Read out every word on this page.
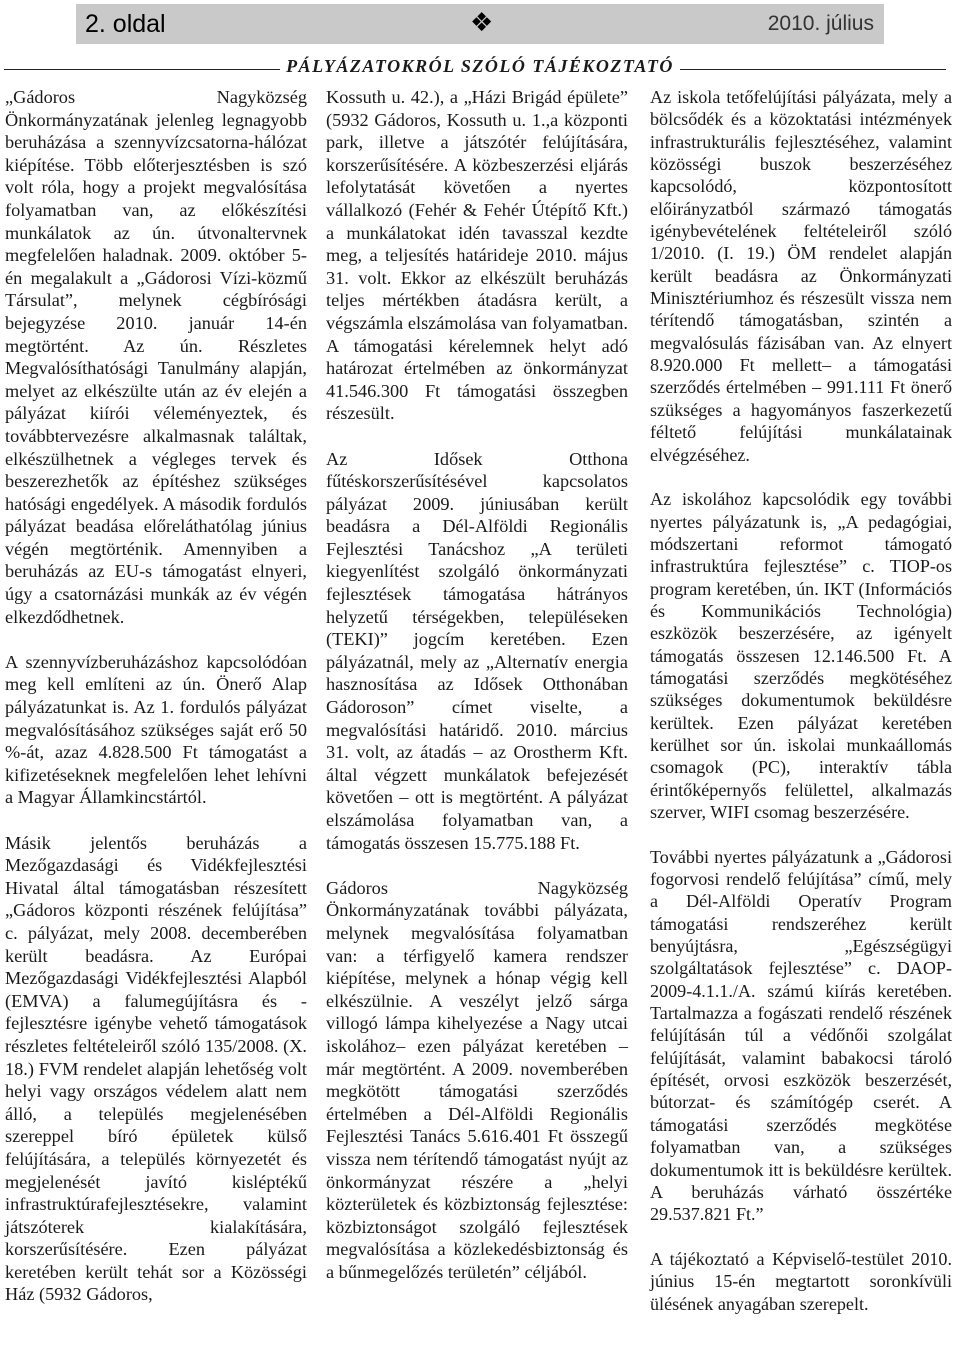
2. oldal	❖	2010. július
PÁLYÁZATOKRÓL SZÓLÓ TÁJÉKOZTATÓ

„Gádoros Nagyközség Önkormányzatának jelenleg legnagyobb beruházása a szennyvízcsatorna-hálózat kiépítése. Több előterjesztésben is szó volt róla, hogy a projekt megvalósítása folyamatban van, az előkészítési munkálatok az ún. útvonaltervnek megfelelően haladnak. 2009. október 5-én megalakult a „Gádorosi Vízi-közmű Társulat”, melynek cégbírósági bejegyzése 2010. január 14-én megtörtént. Az ún. Részletes Megvalósíthatósági Tanulmány alapján, melyet az elkészülte után az év elején a pályázat kiírói véleményeztek, és továbbtervezésre alkalmasnak találtak, elkészülhetnek a végleges tervek és beszerezhetők az építéshez szükséges hatósági engedélyek. A második fordulós pályázat beadása előreláthatólag június végén megtörténik. Amennyiben a beruházás az EU-s támogatást elnyeri, úgy a csatornázási munkák az év végén elkezdődhetnek.

A szennyvízberuházáshoz kapcsolódóan meg kell említeni az ún. Önerő Alap pályázatunkat is. Az 1. fordulós pályázat megvalósításához szükséges saját erő 50 %-át, azaz 4.828.500 Ft támogatást a kifizetéseknek megfelelően lehet lehívni a Magyar Államkincstártól.

Másik jelentős beruházás a Mezőgazdasági és Vidékfejlesztési Hivatal által támogatásban részesített „Gádoros központi részének felújítása” c. pályázat, mely 2008. decemberében került beadásra. Az Európai Mezőgazdasági Vidékfejlesztési Alapból (EMVA) a falumegújításra és -fejlesztésre igénybe vehető támogatások részletes feltételeiről szóló 135/2008. (X. 18.) FVM rendelet alapján lehetőség volt helyi vagy országos védelem alatt nem álló, a település megjelenésében szereppel bíró épületek külső felújítására, a település környezetét és megjelenését javító kisléptékű infrastruktúrafejlesztésekre, valamint játszóterek kialakítására, korszerűsítésére. Ezen pályázat keretében került tehát sor a Közösségi Ház (5932 Gádoros,

Kossuth u. 42.), a „Házi Brigád épülete” (5932 Gádoros, Kossuth u. 1.,a központi park, illetve a játszótér felújítására, korszerűsítésére. A közbeszerzési eljárás lefolytatását követően a nyertes vállalkozó (Fehér & Fehér Útépítő Kft.) a munkálatokat idén tavasszal kezdte meg, a teljesítés határideje 2010. május 31. volt. Ekkor az elkészült beruházás teljes mértékben átadásra került, a végszámla elszámolása van folyamatban. A támogatási kérelemnek helyt adó határozat értelmében az önkormányzat 41.546.300 Ft támogatási összegben részesült.

Az Idősek Otthona fűtéskorszerűsítésével kapcsolatos pályázat 2009. júniusában került beadásra a Dél-Alföldi Regionális Fejlesztési Tanácshoz „A területi kiegyenlítést szolgáló önkormányzati fejlesztések támogatása hátrányos helyzetű térségekben, településeken (TEKI)” jogcím keretében. Ezen pályázatnál, mely az „Alternatív energia hasznosítása az Idősek Otthonában Gádoroson” címet viselte, a megvalósítási határidő. 2010. március 31. volt, az átadás – az Orostherm Kft. által végzett munkálatok befejezését követően – ott is megtörtént. A pályázat elszámolása folyamatban van, a támogatás összesen 15.775.188 Ft.

Gádoros Nagyközség Önkormányzatának további pályázata, melynek megvalósítása folyamatban van: a térfigyelő kamera rendszer kiépítése, melynek a hónap végig kell elkészülnie. A veszélyt jelző sárga villogó lámpa kihelyezése a Nagy utcai iskolához– ezen pályázat keretében – már megtörtént. A 2009. novemberében megkötött támogatási szerződés értelmében a Dél-Alföldi Regionális Fejlesztési Tanács 5.616.401 Ft összegű vissza nem térítendő támogatást nyújt az önkormányzat részére a „helyi közterületek és közbiztonság fejlesztése: közbiztonságot szolgáló fejlesztések megvalósítása a közlekedésbiztonság és a bűnmegelőzés területén” céljából.

Az iskola tetőfelújítási pályázata, mely a bölcsődék és a közoktatási intézmények infrastrukturális fejlesztéséhez, valamint közösségi buszok beszerzéséhez kapcsolódó, központosított előirányzatból származó támogatás igénybevételének feltételeiről szóló 1/2010. (I. 19.) ÖM rendelet alapján került beadásra az Önkormányzati Minisztériumhoz és részesült vissza nem térítendő támogatásban, szintén a megvalósulás fázisában van. Az elnyert 8.920.000 Ft mellett– a támogatási szerződés értelmében – 991.111 Ft önerő szükséges a hagyományos faszerkezetű féltető felújítási munkálatainak elvégzéséhez.

Az iskolához kapcsolódik egy további nyertes pályázatunk is, „A pedagógiai, módszertani reformot támogató infrastruktúra fejlesztése” c. TIOP-os program keretében, ún. IKT (Információs és Kommunikációs Technológia) eszközök beszerzésére, az igényelt támogatás összesen 12.146.500 Ft. A támogatási szerződés megkötéséhez szükséges dokumentumok beküldésre kerültek. Ezen pályázat keretében kerülhet sor ún. iskolai munkaállomás csomagok (PC), interaktív tábla érintőképernyős felülettel, alkalmazás szerver, WIFI csomag beszerzésére.

További nyertes pályázatunk a „Gádorosi fogorvosi rendelő felújítása” című, mely a Dél-Alföldi Operatív Program támogatási rendszeréhez került benyújtásra, „Egészségügyi szolgáltatások fejlesztése” c. DAOP-2009-4.1.1./A. számú kiírás keretében. Tartalmazza a fogászati rendelő részének felújításán túl a védőnői szolgálat felújítását, valamint babakocsi tároló építését, orvosi eszközök beszerzését, bútorzat- és számítógép cserét. A támogatási szerződés megkötése folyamatban van, a szükséges dokumentumok itt is beküldésre kerültek. A beruházás várható összértéke 29.537.821 Ft.”

A tájékoztató a Képviselő-testület 2010. június 15-én megtartott soronkívüli ülésének anyagában szerepelt.
